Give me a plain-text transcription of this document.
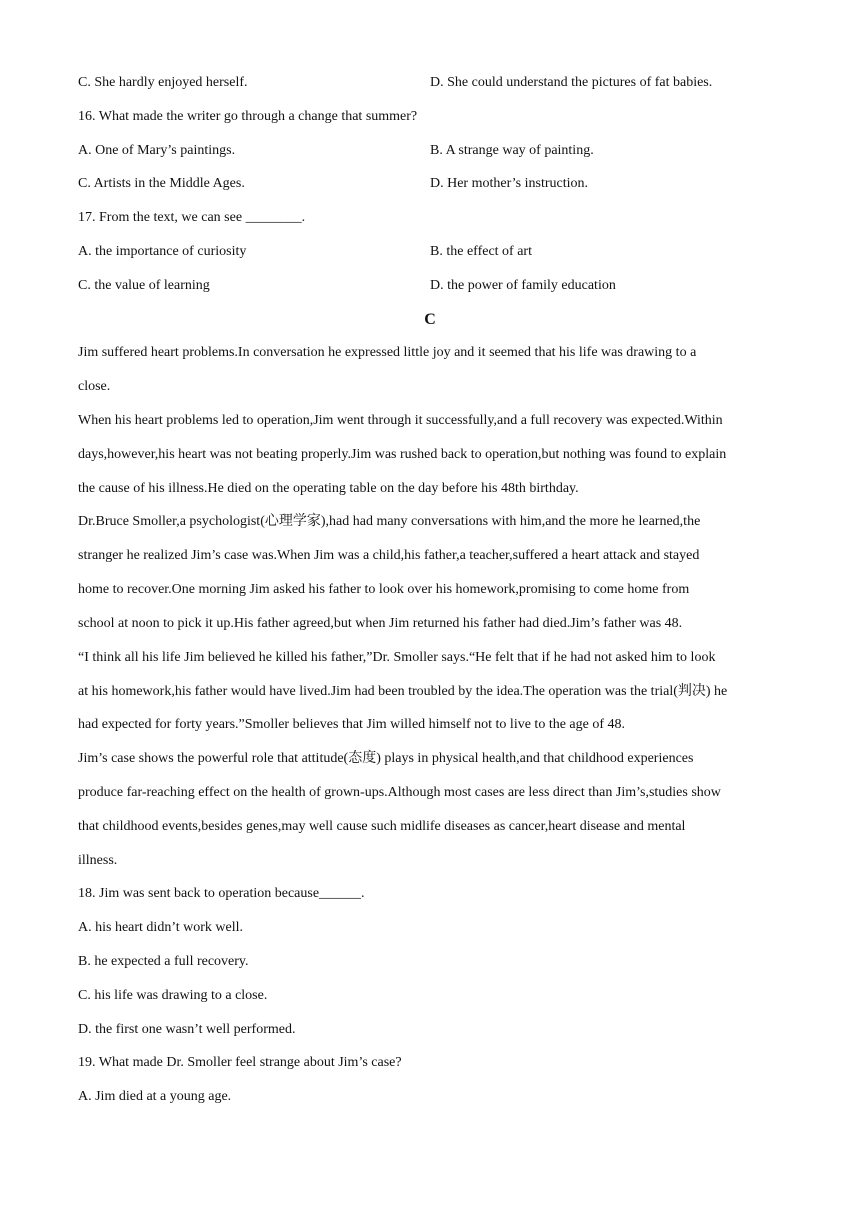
C. She hardly enjoyed herself.	D. She could understand the pictures of fat babies.
16. What made the writer go through a change that summer?
A. One of Mary’s paintings.	B. A strange way of painting.
C. Artists in the Middle Ages.	D. Her mother’s instruction.
17. From the text, we can see ________.
A. the importance of curiosity	B. the effect of art
C. the value of learning	D. the power of family education
C
Jim suffered heart problems.In conversation he expressed little joy and it seemed that his life was drawing to a
close.
When his heart problems led to operation,Jim went through it successfully,and a full recovery was expected.Within
days,however,his heart was not beating properly.Jim was rushed back to operation,but nothing was found to explain
the cause of his illness.He died on the operating table on the day before his 48th birthday.
Dr.Bruce Smoller,a psychologist(心理学家),had had many conversations with him,and the more he learned,the
stranger he realized Jim’s case was.When Jim was a child,his father,a teacher,suffered a heart attack and stayed
home to recover.One morning Jim asked his father to look over his homework,promising to come home from
school at noon to pick it up.His father agreed,but when Jim returned his father had died.Jim’s father was 48.
“I think all his life Jim believed he killed his father,”Dr. Smoller says.“He felt that if he had not asked him to look
at his homework,his father would have lived.Jim had been troubled by the idea.The operation was the trial(判决) he
had expected for forty years.”Smoller believes that Jim willed himself not to live to the age of 48.
Jim’s case shows the powerful role that attitude(态度) plays in physical health,and that childhood experiences
produce far-reaching effect on the health of grown-ups.Although most cases are less direct than Jim’s,studies show
that childhood events,besides genes,may well cause such midlife diseases as cancer,heart disease and mental
illness.
18. Jim was sent back to operation because______.
A. his heart didn’t work well.
B. he expected a full recovery.
C. his life was drawing to a close.
D. the first one wasn’t well performed.
19. What made Dr. Smoller feel strange about Jim’s case?
A. Jim died at a young age.
